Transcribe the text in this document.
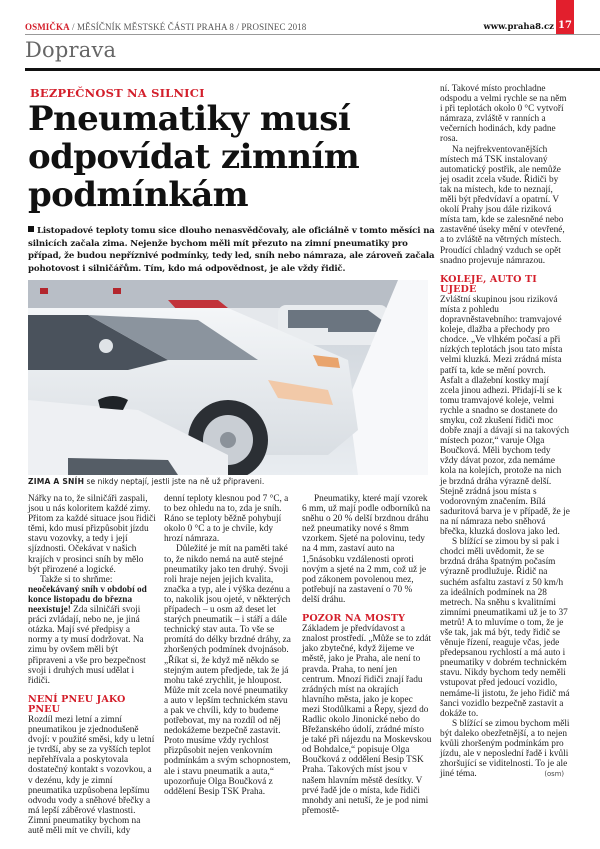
OSMIČKA / MĚSÍČNÍK MĚSTSKÉ ČÁSTI PRAHA 8 / PROSINEC 2018	www.praha8.cz 17
Doprava
BEZPEČNOST NA SILNICI
Pneumatiky musí odpovídat zimním podmínkám
Listopadové teploty tomu sice dlouho nenasvědčovaly, ale oficiálně v tomto měsíci na silnicích začala zima. Nejenže bychom měli mít přezuto na zimní pneumatiky pro případ, že budou nepříznivé podmínky, tedy led, sníh nebo námraza, ale zároveň začala pohotovost i silničářům. Tím, kdo má odpovědnost, je ale vždy řidič.
ZIMA A SNÍH se nikdy neptají, jestli jste na ně už připraveni.

Nářky na to, že silničáři zaspali, jsou u nás koloritem každé zimy. Přitom za každé situace jsou řidiči těmi, kdo musí přizpůsobit jízdu stavu vozovky, a tedy i její sjízdnosti. Očekávat v našich krajích v prosinci sníh by mělo být přirozené a logické.

Takže si to shrňme: neočekávaný sníh v období od konce listopadu do března neexistuje! Zda silničáři svoji práci zvládají, nebo ne, je jiná otázka. Mají své předpisy a normy a ty musí dodržovat. Na zimu by ovšem měli být připraveni a vše pro bezpečnost svoji i druhých musí udělat i řidiči.

NENÍ PNEU JAKO PNEU

Rozdíl mezi letní a zimní pneumatikou je zjednodušeně dvojí: v použité směsi, kdy u letní je tvrdší, aby se za vyšších teplot nepřehřívala a poskytovala dostatečný kontakt s vozovkou, a v dezénu, kdy je zimní pneumatika uzpůsobena lepšímu odvodu vody a sněhové břečky a má lepší záběrové vlastnosti. Zimní pneumatiky bychom na autě měli mít ve chvíli, kdy

denní teploty klesnou pod 7 °C, a to bez ohledu na to, zda je sníh. Ráno se teploty běžně pohybují okolo 0 °C a to je chvíle, kdy hrozí námraza.

Důležité je mít na paměti také to, že nikdo nemá na autě stejné pneumatiky jako ten druhý. Svoji roli hraje nejen jejich kvalita, značka a typ, ale i výška dezénu a to, nakolik jsou ojeté, v některých případech – u osm až deset let starých pneumatik – i stáří a dále technický stav auta. To vše se promítá do délky brzdné dráhy, za zhoršených podmínek dvojnásob. „Říkat si, že když mě někdo se stejným autem předjede, tak že já mohu také zrychlit, je hloupost. Může mít zcela nové pneumatiky a auto v lepším technickém stavu a pak ve chvíli, kdy to budeme potřebovat, my na rozdíl od něj nedokážeme bezpečně zastavit. Proto musíme vždy rychlost přizpůsobit nejen venkovním podmínkám a svým schopnostem, ale i stavu pneumatik a auta,“ upozorňuje Olga Boučková z oddělení Besip TSK Praha.

Pneumatiky, které mají vzorek 6 mm, už mají podle odborníků na sněhu o 20 % delší brzdnou dráhu než pneumatiky nové s 8mm vzorkem. Sjeté na polovinu, tedy na 4 mm, zastaví auto na 1,5násobku vzdálenosti oproti novým a sjeté na 2 mm, což už je pod zákonem povolenou mez, potřebují na zastavení o 70 % delší dráhu.

POZOR NA MOSTY

Základem je předvídavost a znalost prostředí. „Může se to zdát jako zbytečné, když žijeme ve městě, jako je Praha, ale není to pravda. Praha, to není jen centrum. Mnozí řidiči znají řadu zrádných míst na okrajích hlavního města, jako je kopec mezi Stodůlkami a Řepy, sjezd do Radlic okolo Jinonické nebo do Břežanského údolí, zrádné místo je také při nájezdu na Moskevskou od Bohdalce,“ popisuje Olga Boučková z oddělení Besip TSK Praha. Takových míst jsou v našem hlavním městě desítky. V prvé řadě jde o místa, kde řidiči mnohdy ani netuší, že je pod nimi přemostě-

ní. Takové místo prochladne odspodu a velmi rychle se na něm i při teplotách okolo 0 °C vytvoří námraza, zvláště v ranních a večerních hodinách, kdy padne rosa.

Na nejfrekventovanějších místech má TSK instalovaný automatický postřik, ale nemůže jej osadit zcela všude. Řidiči by tak na místech, kde to neznají, měli být předvídaví a opatrní. V okolí Prahy jsou dále riziková místa tam, kde se zalesněné nebo zastavěné úseky mění v otevřené, a to zvláště na větrných místech. Proudící chladný vzduch se opět snadno projevuje námrazou.

KOLEJE, AUTO TI UJEDE

Zvláštní skupinou jsou riziková místa z pohledu dopravněstavebního: tramvajové koleje, dlažba a přechody pro chodce. „Ve vlhkém počasí a při nízkých teplotách jsou tato místa velmi kluzká. Mezi zrádná místa patří ta, kde se mění povrch. Asfalt a dlažební kostky mají zcela jinou adhezi. Přidají-li se k tomu tramvajové koleje, velmi rychle a snadno se dostanete do smyku, což zkušení řidiči moc dobře znají a dávají si na takových místech pozor,“ varuje Olga Boučková. Měli bychom tedy vždy dávat pozor, zda nemáme kola na kolejích, protože na nich je brzdná dráha výrazně delší. Stejně zrádná jsou místa s vodorovným značením. Bílá saduritová barva je v případě, že je na ní námraza nebo sněhová břečka, kluzká doslova jako led.

S blížící se zimou by si pak i chodci měli uvědomit, že se brzdná dráha špatným počasím výrazně prodlužuje. Řidič na suchém asfaltu zastaví z 50 km/h za ideálních podmínek na 28 metrech. Na sněhu s kvalitními zimními pneumatikami už je to 37 metrů! A to mluvíme o tom, že je vše tak, jak má být, tedy řidič se věnuje řízení, reaguje včas, jede předepsanou rychlostí a má auto i pneumatiky v dobrém technickém stavu. Nikdy bychom tedy neměli vstupovat před jedoucí vozidlo, nemáme-li jistotu, že jeho řidič má šanci vozidlo bezpečně zastavit a dokáže to.

S blížící se zimou bychom měli být daleko obezřetnější, a to nejen kvůli zhoršeným podmínkám pro jízdu, ale v neposlední řadě i kvůli zhoršující se viditelnosti. To je ale jiné téma.	(osm)
